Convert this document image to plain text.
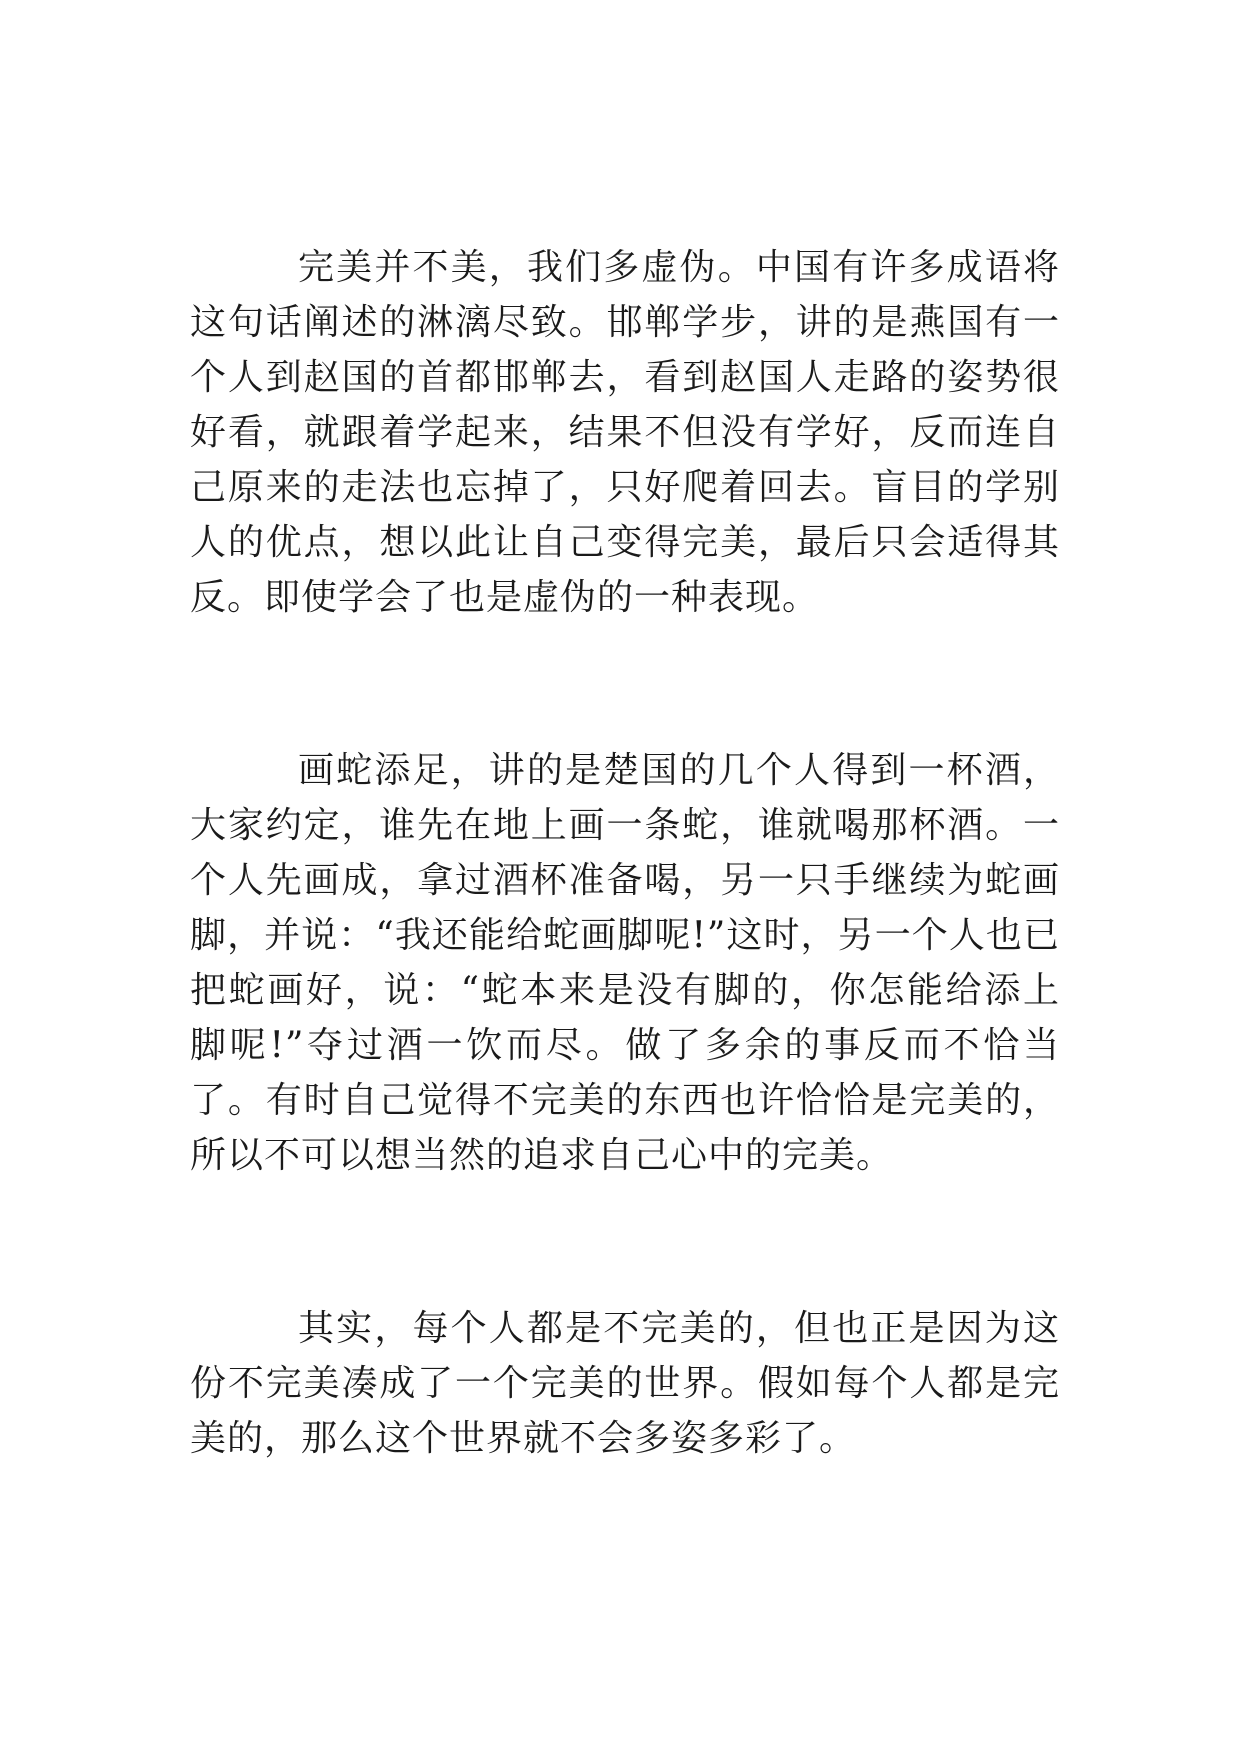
完美并不美，我们多虚伪。中国有许多成语将这句话阐述的淋漓尽致。邯郸学步，讲的是燕国有一个人到赵国的首都邯郸去，看到赵国人走路的姿势很好看，就跟着学起来，结果不但没有学好，反而连自己原来的走法也忘掉了，只好爬着回去。盲目的学别人的优点，想以此让自己变得完美，最后只会适得其反。即使学会了也是虚伪的一种表现。

画蛇添足，讲的是楚国的几个人得到一杯酒，大家约定，谁先在地上画一条蛇，谁就喝那杯酒。一个人先画成，拿过酒杯准备喝，另一只手继续为蛇画脚，并说：“我还能给蛇画脚呢!”这时，另一个人也已把蛇画好，说：“蛇本来是没有脚的，你怎能给添上脚呢!”夺过酒一饮而尽。做了多余的事反而不恰当了。有时自己觉得不完美的东西也许恰恰是完美的，所以不可以想当然的追求自己心中的完美。

其实，每个人都是不完美的，但也正是因为这份不完美凑成了一个完美的世界。假如每个人都是完美的，那么这个世界就不会多姿多彩了。
